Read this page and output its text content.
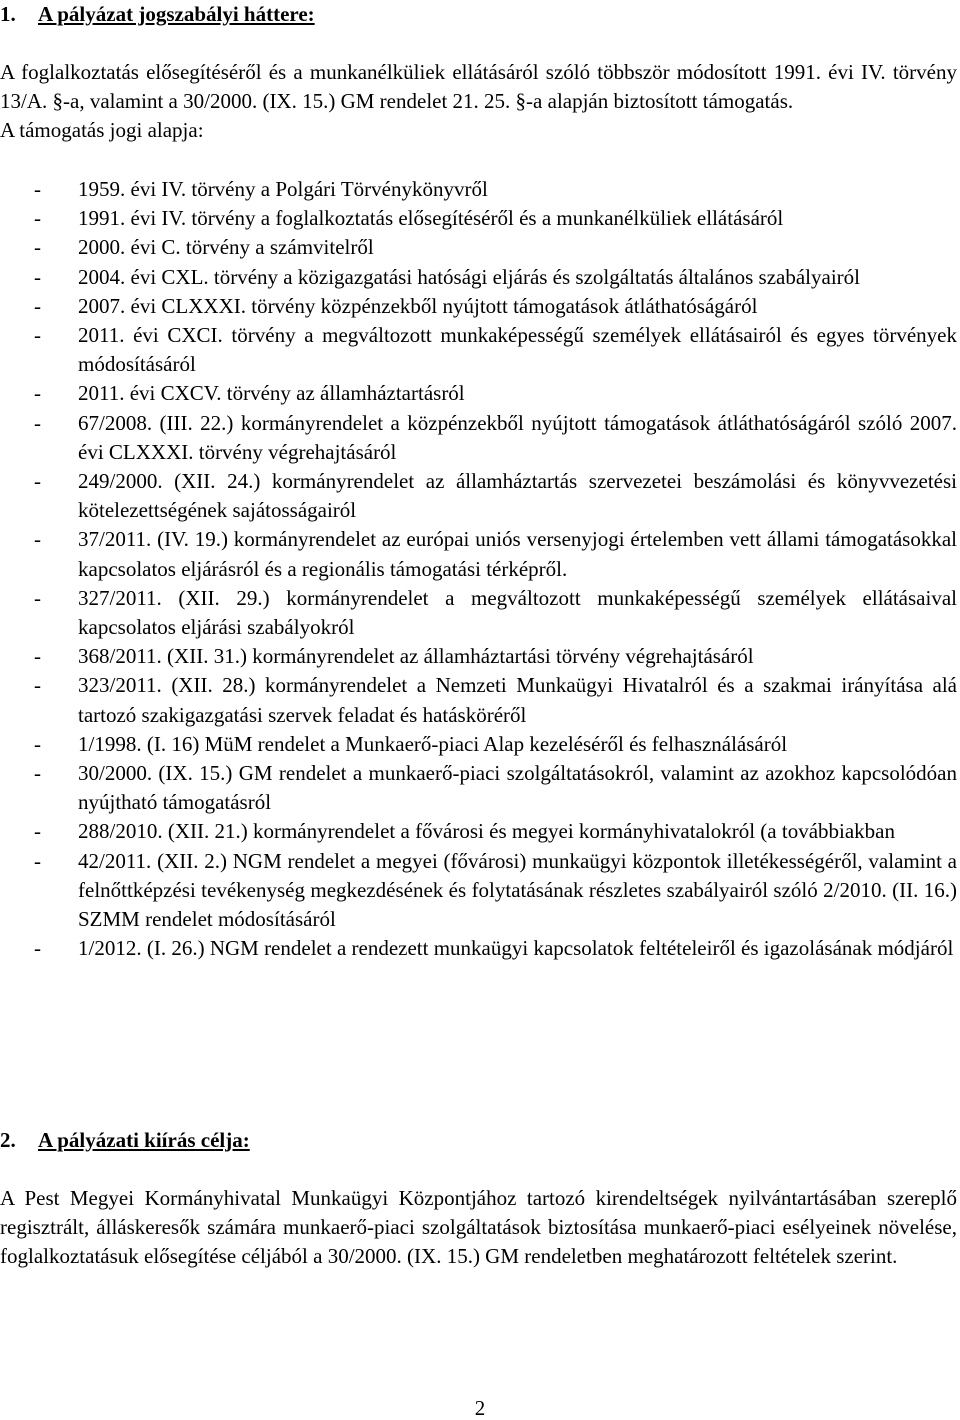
1. A pályázat jogszabályi háttere:

A foglalkoztatás elősegítéséről és a munkanélküliek ellátásáról szóló többször módosított 1991. évi IV. törvény 13/A. §-a, valamint a 30/2000. (IX. 15.) GM rendelet 21. 25. §-a alapján biztosított támogatás.

A támogatás jogi alapja:

- 1959. évi IV. törvény a Polgári Törvénykönyvről
- 1991. évi IV. törvény a foglalkoztatás elősegítéséről és a munkanélküliek ellátásáról
- 2000. évi C. törvény a számvitelről
- 2004. évi CXL. törvény a közigazgatási hatósági eljárás és szolgáltatás általános szabályairól
- 2007. évi CLXXXI. törvény közpénzekből nyújtott támogatások átláthatóságáról
- 2011. évi CXCI. törvény a megváltozott munkaképességű személyek ellátásairól és egyes törvények módosításáról
- 2011. évi CXCV. törvény az államháztartásról
- 67/2008. (III. 22.) kormányrendelet a közpénzekből nyújtott támogatások átláthatóságáról szóló 2007. évi CLXXXI. törvény végrehajtásáról
- 249/2000. (XII. 24.) kormányrendelet az államháztartás szervezetei beszámolási és könyvvezetési kötelezettségének sajátosságairól
- 37/2011. (IV. 19.) kormányrendelet az európai uniós versenyjogi értelemben vett állami támogatásokkal kapcsolatos eljárásról és a regionális támogatási térképről.
- 327/2011. (XII. 29.) kormányrendelet a megváltozott munkaképességű személyek ellátásaival kapcsolatos eljárási szabályokról
- 368/2011. (XII. 31.) kormányrendelet az államháztartási törvény végrehajtásáról
- 323/2011. (XII. 28.) kormányrendelet a Nemzeti Munkaügyi Hivatalról és a szakmai irányítása alá tartozó szakigazgatási szervek feladat és hatásköréről
- 1/1998. (I. 16) MüM rendelet a Munkaerő-piaci Alap kezeléséről és felhasználásáról
- 30/2000. (IX. 15.) GM rendelet a munkaerő-piaci szolgáltatásokról, valamint az azokhoz kapcsolódóan nyújtható támogatásról
- 288/2010. (XII. 21.) kormányrendelet a fővárosi és megyei kormányhivatalokról (a továbbiakban
- 42/2011. (XII. 2.) NGM rendelet a megyei (fővárosi) munkaügyi központok illetékességéről, valamint a felnőttképzési tevékenység megkezdésének és folytatásának részletes szabályairól szóló 2/2010. (II. 16.) SZMM rendelet módosításáról
- 1/2012. (I. 26.) NGM rendelet a rendezett munkaügyi kapcsolatok feltételeiről és igazolásának módjáról
2. A pályázati kiírás célja:

A Pest Megyei Kormányhivatal Munkaügyi Központjához tartozó kirendeltségek nyilvántartásában szereplő regisztrált, álláskeresők számára munkaerő-piaci szolgáltatások biztosítása munkaerő-piaci esélyeinek növelése, foglalkoztatásuk elősegítése céljából a 30/2000. (IX. 15.) GM rendeletben meghatározott feltételek szerint.

2
